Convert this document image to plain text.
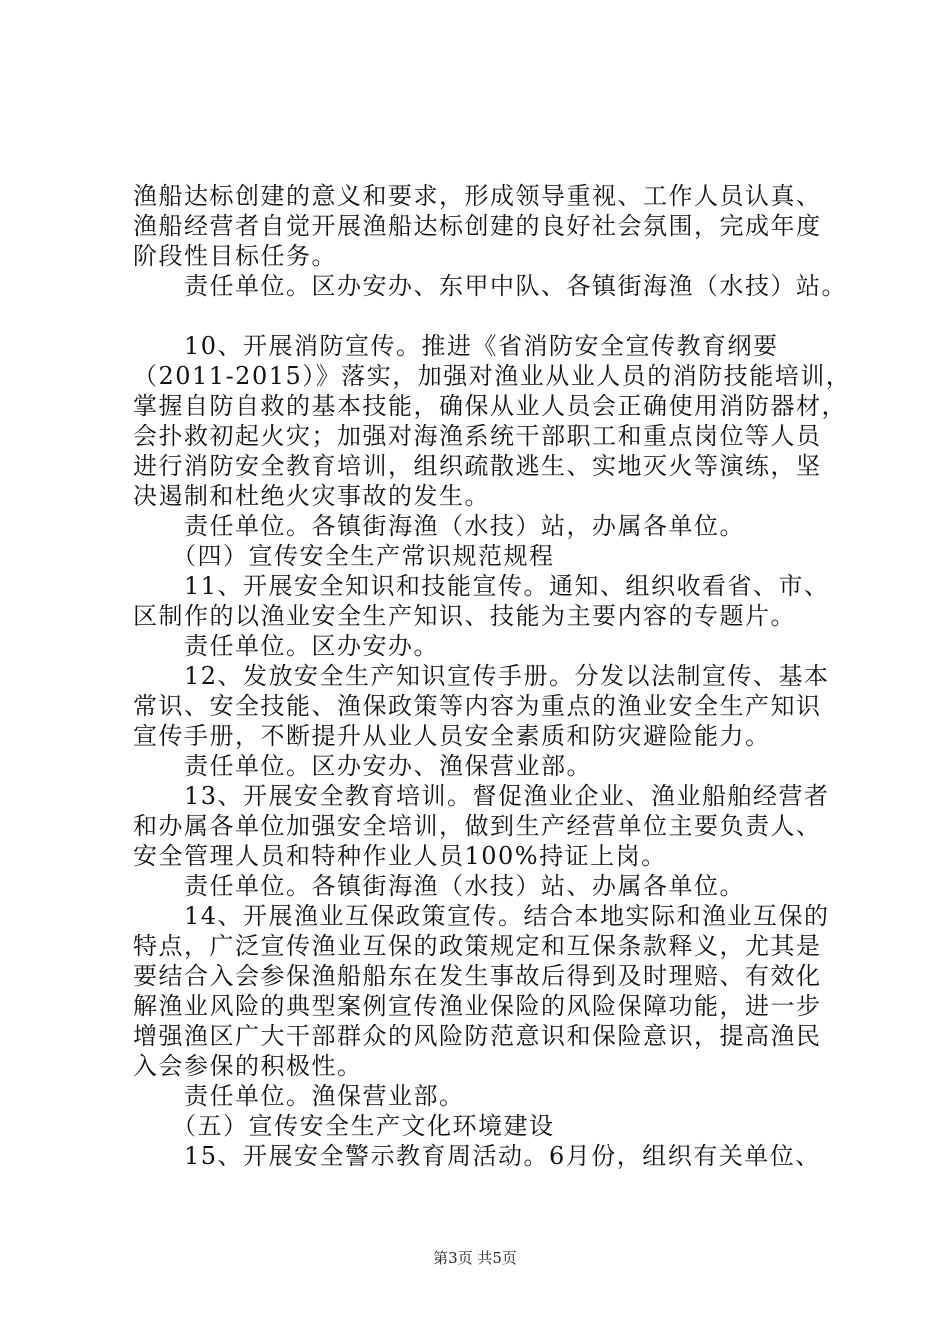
渔船达标创建的意义和要求，形成领导重视、工作人员认真、
渔船经营者自觉开展渔船达标创建的良好社会氛围，完成年度
阶段性目标任务。
　　责任单位。区办安办、东甲中队、各镇街海渔（水技）站。
　　10、开展消防宣传。推进《省消防安全宣传教育纲要
（2011-2015）》落实，加强对渔业从业人员的消防技能培训，
掌握自防自救的基本技能，确保从业人员会正确使用消防器材，
会扑救初起火灾；加强对海渔系统干部职工和重点岗位等人员
进行消防安全教育培训，组织疏散逃生、实地灭火等演练，坚
决遏制和杜绝火灾事故的发生。
　　责任单位。各镇街海渔（水技）站，办属各单位。
　　（四）宣传安全生产常识规范规程
　　11、开展安全知识和技能宣传。通知、组织收看省、市、
区制作的以渔业安全生产知识、技能为主要内容的专题片。
　　责任单位。区办安办。
　　12、发放安全生产知识宣传手册。分发以法制宣传、基本
常识、安全技能、渔保政策等内容为重点的渔业安全生产知识
宣传手册，不断提升从业人员安全素质和防灾避险能力。
　　责任单位。区办安办、渔保营业部。
　　13、开展安全教育培训。督促渔业企业、渔业船舶经营者
和办属各单位加强安全培训，做到生产经营单位主要负责人、
安全管理人员和特种作业人员100%持证上岗。
　　责任单位。各镇街海渔（水技）站、办属各单位。
　　14、开展渔业互保政策宣传。结合本地实际和渔业互保的
特点，广泛宣传渔业互保的政策规定和互保条款释义，尤其是
要结合入会参保渔船船东在发生事故后得到及时理赔、有效化
解渔业风险的典型案例宣传渔业保险的风险保障功能，进一步
增强渔区广大干部群众的风险防范意识和保险意识，提高渔民
入会参保的积极性。
　　责任单位。渔保营业部。
　　（五）宣传安全生产文化环境建设
　　15、开展安全警示教育周活动。6月份，组织有关单位、
第3页 共5页
